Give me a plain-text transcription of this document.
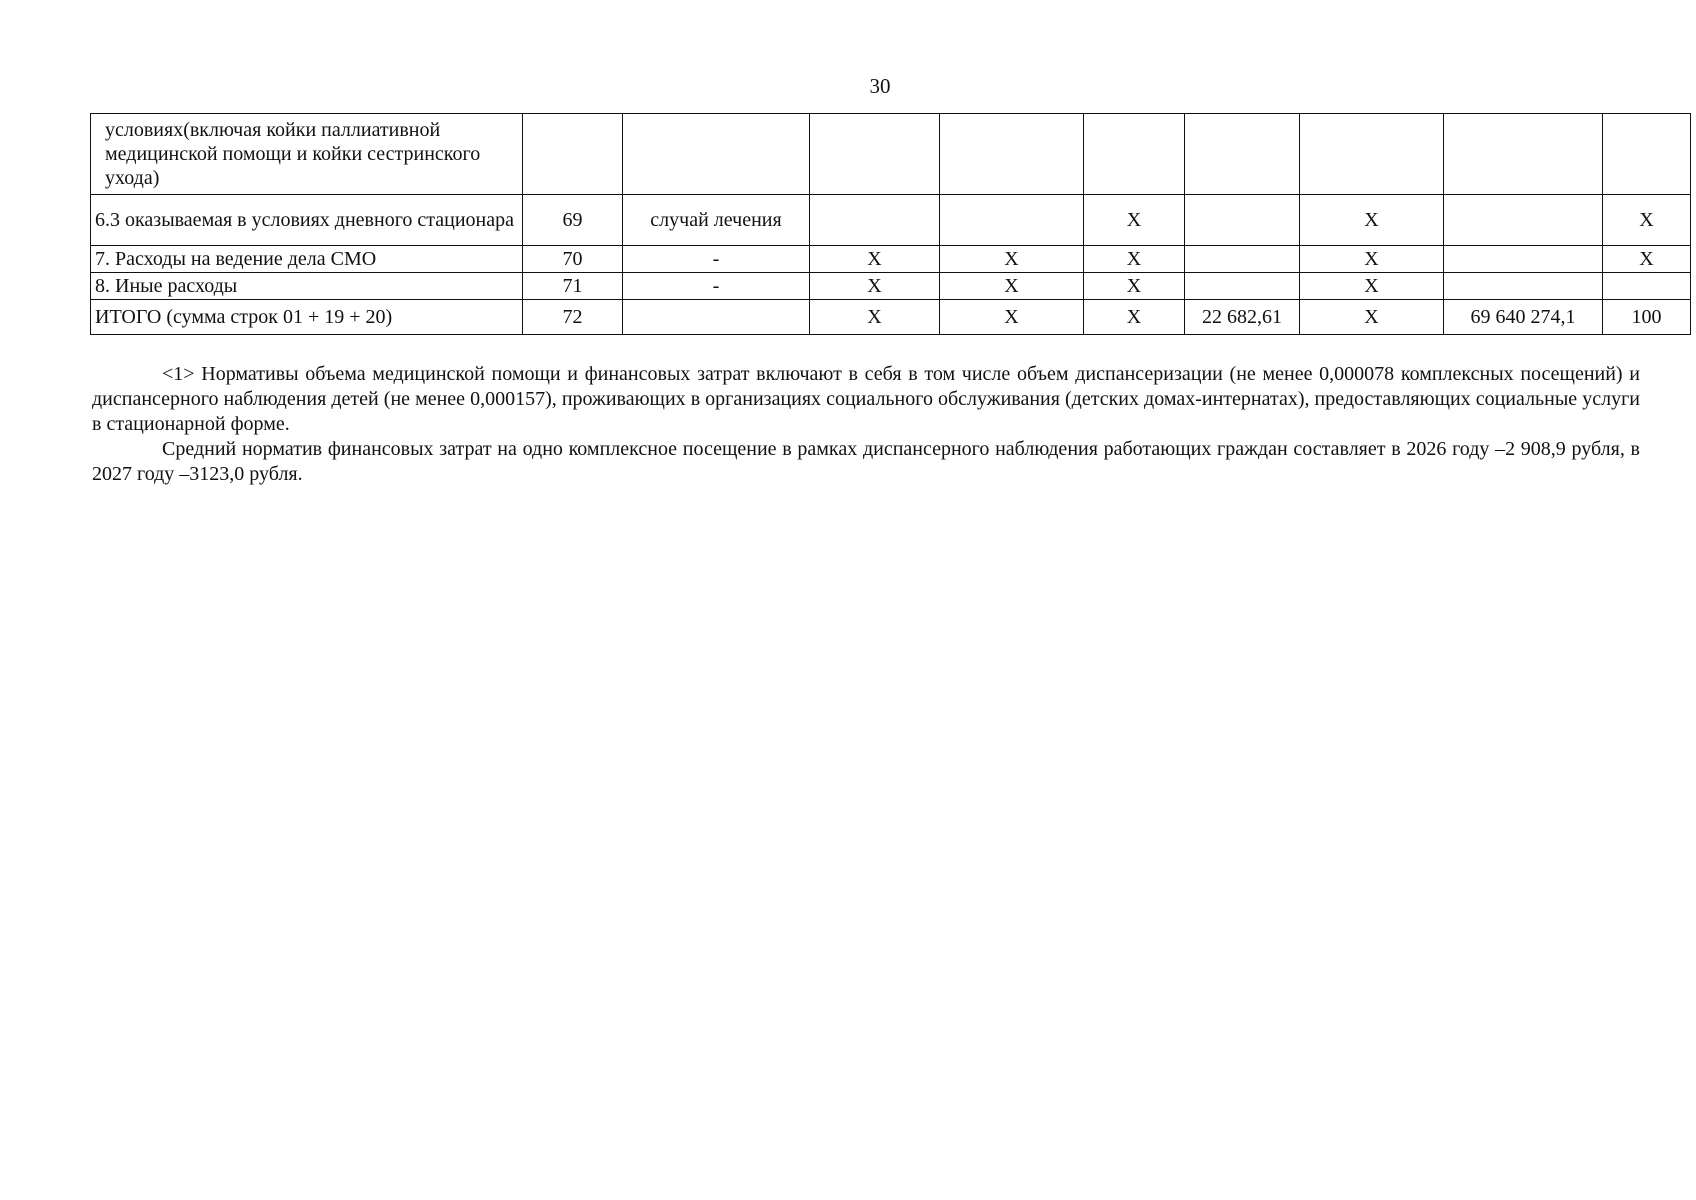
30
условиях(включая койки паллиативной медицинской помощи и койки сестринского ухода)									
6.3 оказываемая в условиях дневного стационара	69	случай лечения			Х		Х		Х
7. Расходы на ведение дела СМО	70	-	Х	Х	Х		Х		Х
8. Иные расходы	71	-	Х	Х	Х		Х		
ИТОГО (сумма строк 01 + 19 + 20)	72		Х	Х	Х	22 682,61	Х	69 640 274,1	100

<1> Нормативы объема медицинской помощи и финансовых затрат включают в себя в том числе объем диспансеризации (не менее 0,000078 комплексных посещений) и диспансерного наблюдения детей (не менее 0,000157), проживающих в организациях социального обслуживания (детских домах-интернатах), предоставляющих социальные услуги в стационарной форме.

Средний норматив финансовых затрат на одно комплексное посещение в рамках диспансерного наблюдения работающих граждан составляет в 2026 году –2 908,9 рубля, в 2027 году –3123,0 рубля.
